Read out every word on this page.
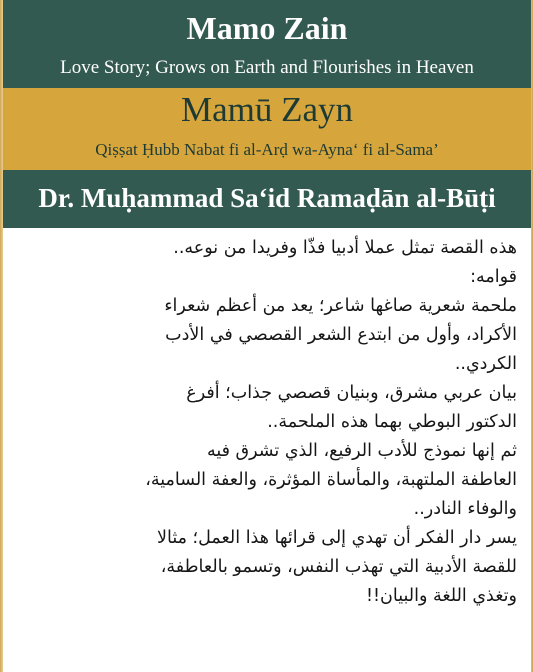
Mamo Zain
Love Story; Grows on Earth and Flourishes in Heaven
Mamū Zayn
Qiṣṣat Ḥubb Nabat fi al-Arḍ wa-Ayna‘ fi al-Sama’
Dr. Muḥammad Sa‘id Ramaḍān al-Būṭi
هذه القصة تمثل عملا أدبيا فذّا وفريدا من نوعه..
قوامه:
ملحمة شعرية صاغها شاعر؛ يعد من أعظم شعراء
الأكراد، وأول من ابتدع الشعر القصصي في الأدب
الكردي..
بيان عربي مشرق، وبنيان قصصي جذاب؛ أفرغ
الدكتور البوطي بهما هذه الملحمة..
ثم إنها نموذج للأدب الرفيع، الذي تشرق فيه
العاطفة الملتهبة، والمأساة المؤثرة، والعفة السامية،
والوفاء النادر..
يسر دار الفكر أن تهدي إلى قرائها هذا العمل؛ مثالا
للقصة الأدبية التي تهذب النفس، وتسمو بالعاطفة،
وتغذي اللغة والبيان!!
